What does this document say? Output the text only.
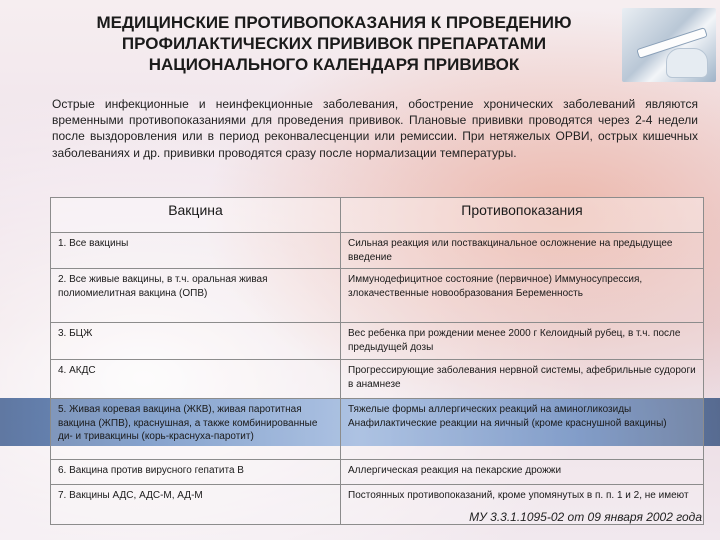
МЕДИЦИНСКИЕ ПРОТИВОПОКАЗАНИЯ К ПРОВЕДЕНИЮ ПРОФИЛАКТИЧЕСКИХ ПРИВИВОК ПРЕПАРАТАМИ НАЦИОНАЛЬНОГО КАЛЕНДАРЯ ПРИВИВОК
Острые инфекционные и неинфекционные заболевания, обострение хронических заболеваний являются временными противопоказаниями для проведения прививок. Плановые прививки проводятся через 2-4 недели после выздоровления или в период реконвалесценции или ремиссии. При нетяжелых ОРВИ, острых кишечных заболеваниях и др. прививки проводятся сразу после нормализации температуры.
Вакцина	Противопоказания
1. Все вакцины	Сильная реакция или поствакцинальное осложнение на предыдущее введение
2. Все живые вакцины, в т.ч. оральная живая полиомиелитная вакцина (ОПВ)	Иммунодефицитное состояние (первичное) Иммуносупрессия, злокачественные новообразования Беременность
3. БЦЖ	Вес ребенка при рождении менее 2000 г Келоидный рубец, в т.ч. после предыдущей дозы
4. АКДС	Прогрессирующие заболевания нервной системы, афебрильные судороги в анамнезе
5. Живая коревая вакцина (ЖКВ), живая паротитная вакцина (ЖПВ), краснушная, а также комбинированные ди- и тривакцины (корь-краснуха-паротит)	Тяжелые формы аллергических реакций на аминогликозиды Анафилактические реакции на яичный (кроме краснушной вакцины)
6. Вакцина против вирусного гепатита В	Аллергическая реакция на пекарские дрожжи
7. Вакцины АДС, АДС-М, АД-М	Постоянных противопоказаний, кроме упомянутых в п. п. 1 и 2, не имеют
МУ 3.3.1.1095-02 от 09 января 2002 года
